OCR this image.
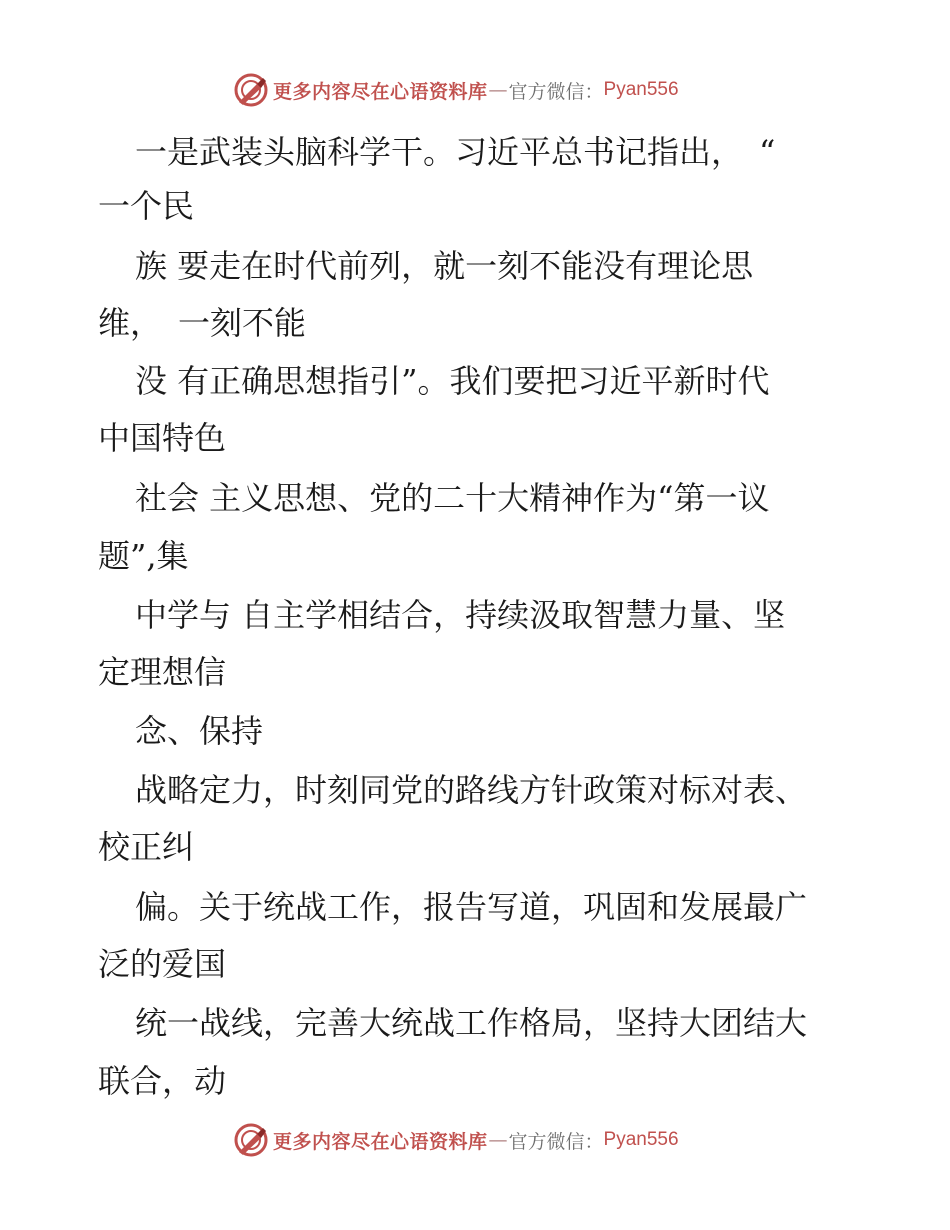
更多内容尽在心语资料库 — 官方微信： Pyan556
一是武装头脑科学干。习近平总书记指出，　“
一个民
族 要走在时代前列，就一刻不能没有理论思
维，　一刻不能
没 有正确思想指引”。我们要把习近平新时代
中国特色
社会 主义思想、党的二十大精神作为“第一议
题”,集
中学与 自主学相结合，持续汲取智慧力量、坚
定理想信
念、保持
战略定力，时刻同党的路线方针政策对标对表、
校正纠
偏。关于统战工作，报告写道，巩固和发展最广
泛的爱国
统一战线，完善大统战工作格局，坚持大团结大
联合，动
更多内容尽在心语资料库 — 官方微信： Pyan556
